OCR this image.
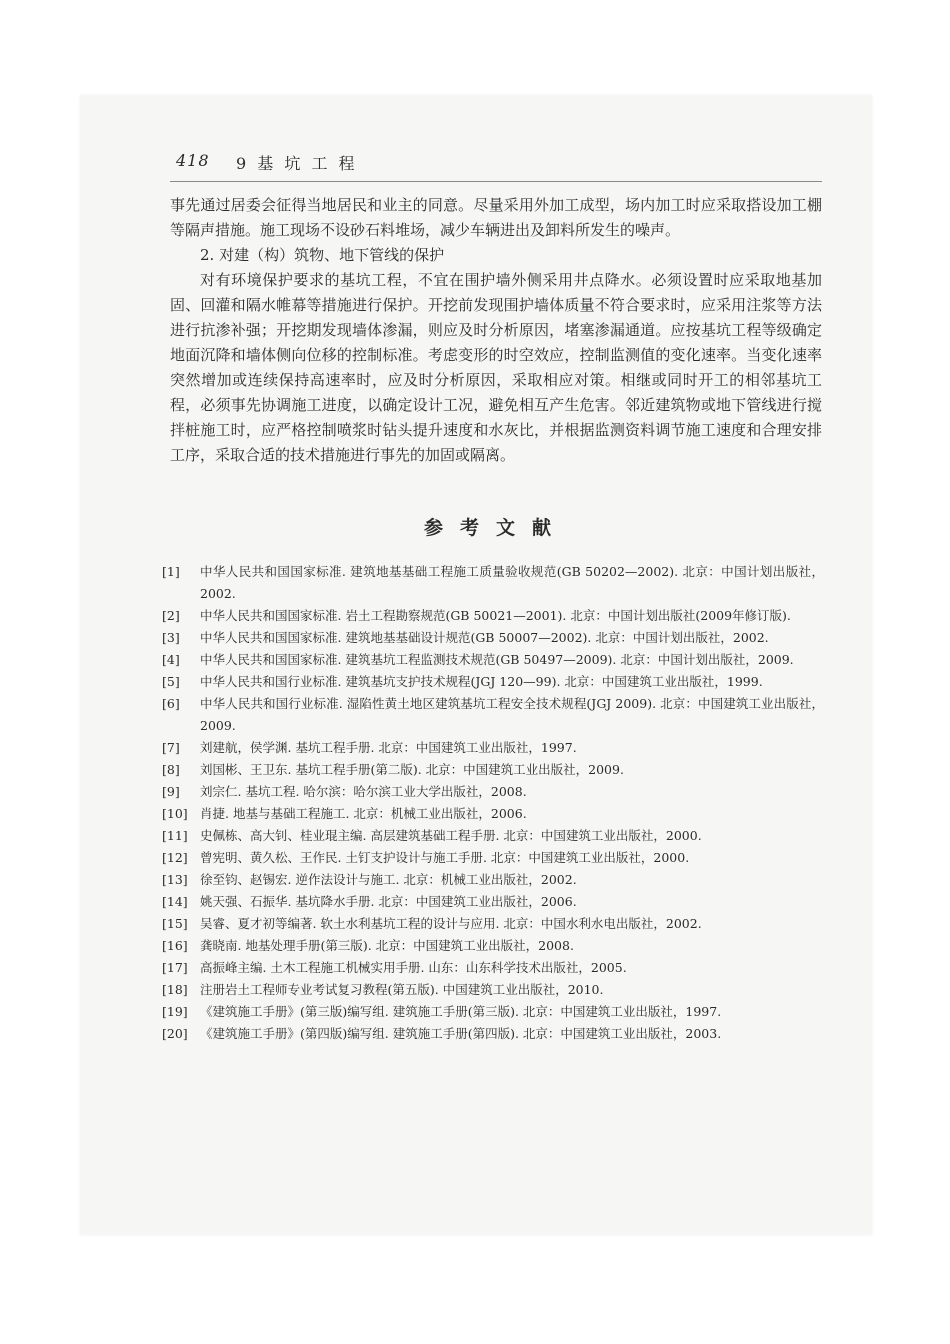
418 9 基 坑 工 程

事先通过居委会征得当地居民和业主的同意。尽量采用外加工成型，场内加工时应采取搭设加工棚等隔声措施。施工现场不设砂石料堆场，减少车辆进出及卸料所发生的噪声。

2. 对建（构）筑物、地下管线的保护

对有环境保护要求的基坑工程，不宜在围护墙外侧采用井点降水。必须设置时应采取地基加固、回灌和隔水帷幕等措施进行保护。开挖前发现围护墙体质量不符合要求时，应采用注浆等方法进行抗渗补强；开挖期发现墙体渗漏，则应及时分析原因，堵塞渗漏通道。应按基坑工程等级确定地面沉降和墙体侧向位移的控制标准。考虑变形的时空效应，控制监测值的变化速率。当变化速率突然增加或连续保持高速率时，应及时分析原因，采取相应对策。相继或同时开工的相邻基坑工程，必须事先协调施工进度，以确定设计工况，避免相互产生危害。邻近建筑物或地下管线进行搅拌桩施工时，应严格控制喷浆时钻头提升速度和水灰比，并根据监测资料调节施工速度和合理安排工序，采取合适的技术措施进行事先的加固或隔离。

参考文献
[1]	中华人民共和国国家标准. 建筑地基基础工程施工质量验收规范(GB 50202—2002). 北京：中国计划出版社，2002.
[2]	中华人民共和国国家标准. 岩土工程勘察规范(GB 50021—2001). 北京：中国计划出版社(2009年修订版).
[3]	中华人民共和国国家标准. 建筑地基基础设计规范(GB 50007—2002). 北京：中国计划出版社，2002.
[4]	中华人民共和国国家标准. 建筑基坑工程监测技术规范(GB 50497—2009). 北京：中国计划出版社，2009.
[5]	中华人民共和国行业标准. 建筑基坑支护技术规程(JGJ 120—99). 北京：中国建筑工业出版社，1999.
[6]	中华人民共和国行业标准. 湿陷性黄土地区建筑基坑工程安全技术规程(JGJ 2009). 北京：中国建筑工业出版社，2009.
[7]	刘建航，侯学渊. 基坑工程手册. 北京：中国建筑工业出版社，1997.
[8]	刘国彬、王卫东. 基坑工程手册(第二版). 北京：中国建筑工业出版社，2009.
[9]	刘宗仁. 基坑工程. 哈尔滨：哈尔滨工业大学出版社，2008.
[10] 肖捷. 地基与基础工程施工. 北京：机械工业出版社，2006.
[11] 史佩栋、高大钊、桂业琨主编. 高层建筑基础工程手册. 北京：中国建筑工业出版社，2000.
[12] 曾宪明、黄久松、王作民. 土钉支护设计与施工手册. 北京：中国建筑工业出版社，2000.
[13] 徐至钧、赵锡宏. 逆作法设计与施工. 北京：机械工业出版社，2002.
[14] 姚天强、石振华. 基坑降水手册. 北京：中国建筑工业出版社，2006.
[15] 吴睿、夏才初等编著. 软土水利基坑工程的设计与应用. 北京：中国水利水电出版社，2002.
[16] 龚晓南. 地基处理手册(第三版). 北京：中国建筑工业出版社，2008.
[17] 高振峰主编. 土木工程施工机械实用手册. 山东：山东科学技术出版社，2005.
[18] 注册岩土工程师专业考试复习教程(第五版). 中国建筑工业出版社，2010.
[19] 《建筑施工手册》(第三版)编写组. 建筑施工手册(第三版). 北京：中国建筑工业出版社，1997.
[20] 《建筑施工手册》(第四版)编写组. 建筑施工手册(第四版). 北京：中国建筑工业出版社，2003.
